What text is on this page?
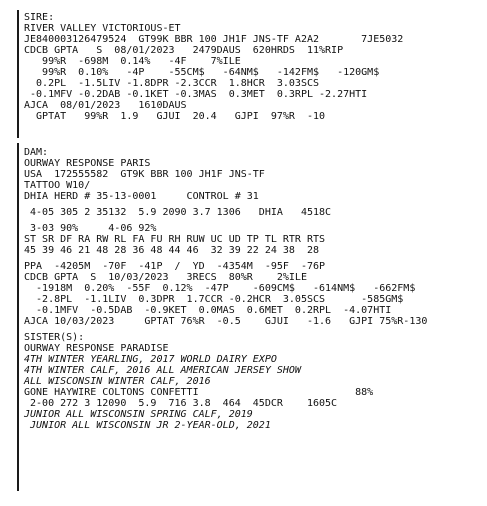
SIRE:
RIVER VALLEY VICTORIOUS-ET
JE840003126479524  GT99K BBR 100 JH1F JNS-TF A2A2       7JE5032
CDCB GPTA   S  08/01/2023   2479DAUS  620HRDS  11%RIP
99%R  -698M  0.14%   -4F    7%ILE
99%R  0.10%   -4P    -55CM$   -64NM$   -142FM$   -120GM$
0.2PL  -1.5LIV -1.8DPR -2.3CCR  1.8HCR  3.03SCS
-0.1MFV -0.2DAB -0.1KET -0.3MAS  0.3MET  0.3RPL -2.27HTI
AJCA  08/01/2023   1610DAUS
GPTAT   99%R  1.9   GJUI  20.4   GJPI  97%R  -10
DAM:
OURWAY RESPONSE PARIS
USA  172555582  GT9K BBR 100 JH1F JNS-TF
TATTOO W10/
DHIA HERD # 35-13-0001     CONTROL # 31
4-05 305 2 35132  5.9 2090 3.7 1306   DHIA   4518C
3-03 90%     4-06 92%
ST SR DF RA RW RL FA FU RH RUW UC UD TP TL RTR RTS
45 39 46 21 48 28 36 48 44 46  32 39 22 24 38  28
PPA  -4205M  -70F  -41P  /  YD  -4354M  -95F  -76P
CDCB GPTA  S  10/03/2023   3RECS  80%R    2%ILE
-1918M  0.20%  -55F  0.12%  -47P    -609CM$   -614NM$   -662FM$
-2.8PL  -1.1LIV  0.3DPR  1.7CCR -0.2HCR  3.05SCS      -585GM$
-0.1MFV  -0.5DAB  -0.9KET  0.0MAS  0.6MET  0.2RPL  -4.07HTI
AJCA 10/03/2023     GPTAT 76%R  -0.5    GJUI   -1.6   GJPI 75%R-130
SISTER(S):
OURWAY RESPONSE PARADISE
4TH WINTER YEARLING, 2017 WORLD DAIRY EXPO
4TH WINTER CALF, 2016 ALL AMERICAN JERSEY SHOW
ALL WISCONSIN WINTER CALF, 2016
GONE HAYWIRE COLTONS CONFETTI                          88%
2-00 272 3 12090  5.9  716 3.8  464  45DCR    1605C
JUNIOR ALL WISCONSIN SPRING CALF, 2019
JUNIOR ALL WISCONSIN JR 2-YEAR-OLD, 2021
